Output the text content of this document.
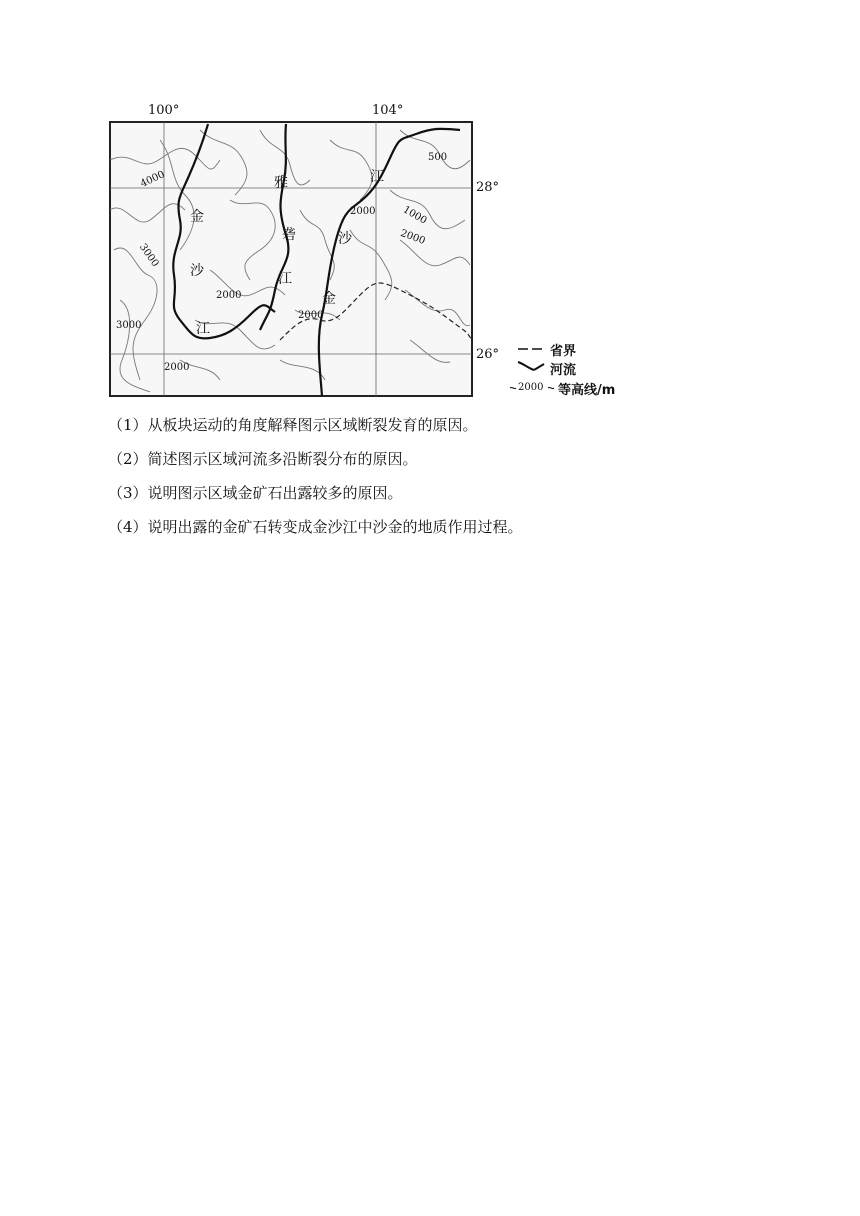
100°	104°
28°
26°
4000
3000
3000
2000
2000
2000
2000	1000
2000
500
金
沙
江
雅
砻
江
金
沙
江
省界
河流
2000 等高线/m
（1）从板块运动的角度解释图示区域断裂发育的原因。
（2）简述图示区域河流多沿断裂分布的原因。
（3）说明图示区域金矿石出露较多的原因。
（4）说明出露的金矿石转变成金沙江中沙金的地质作用过程。
